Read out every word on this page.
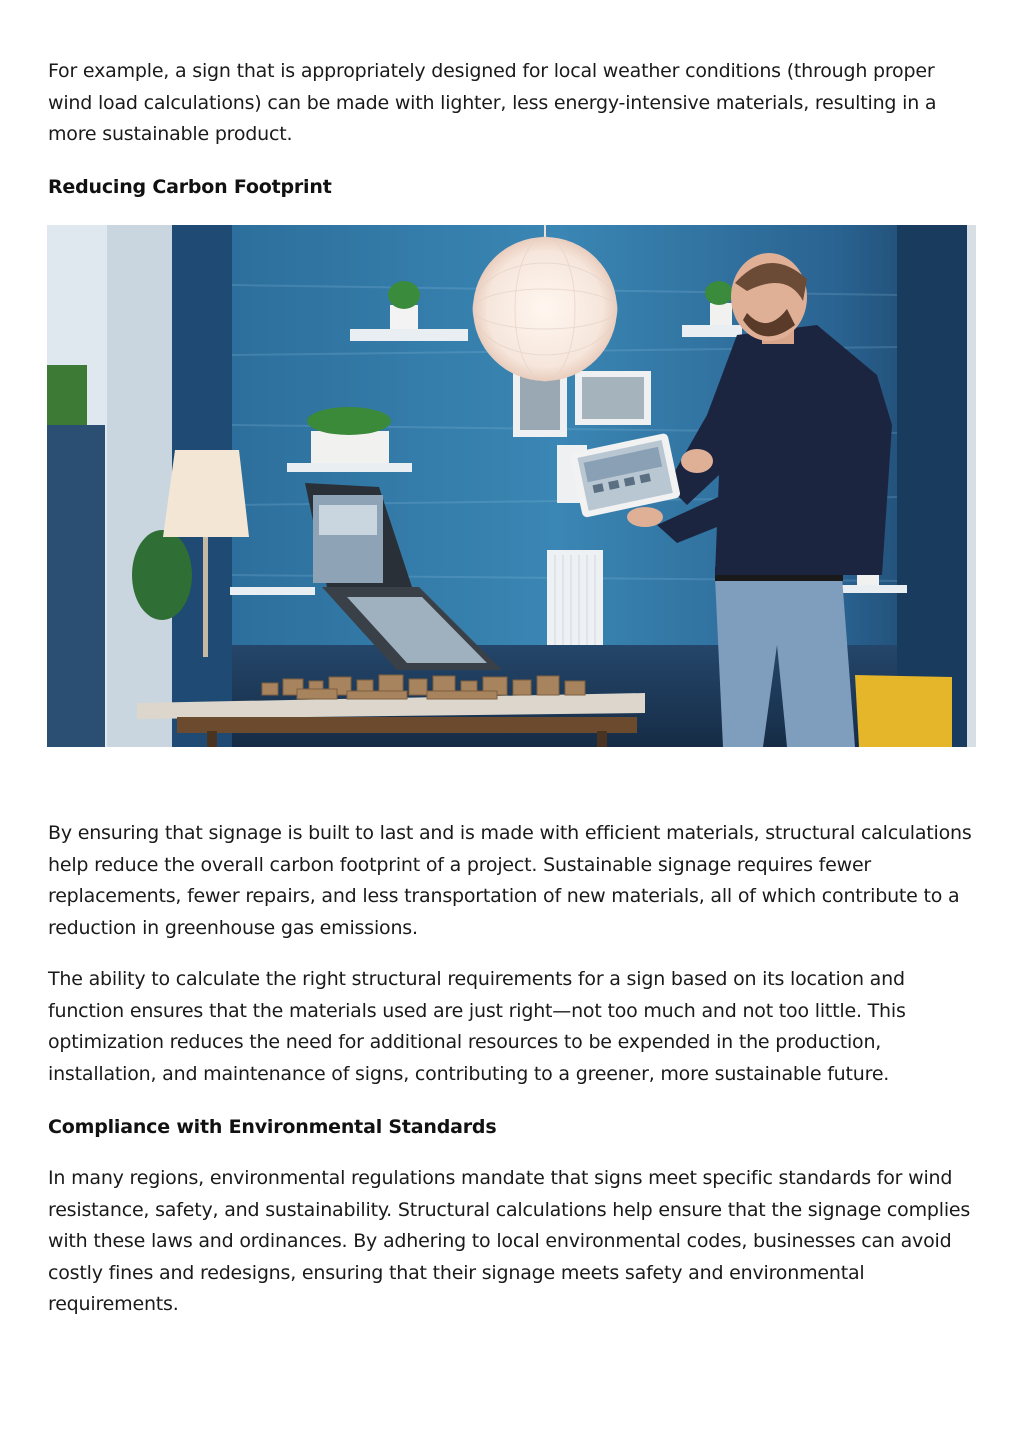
For example, a sign that is appropriately designed for local weather conditions (through proper wind load calculations) can be made with lighter, less energy-intensive materials, resulting in a more sustainable product.

Reducing Carbon Footprint

By ensuring that signage is built to last and is made with efficient materials, structural calculations help reduce the overall carbon footprint of a project. Sustainable signage requires fewer replacements, fewer repairs, and less transportation of new materials, all of which contribute to a reduction in greenhouse gas emissions.

The ability to calculate the right structural requirements for a sign based on its location and function ensures that the materials used are just right—not too much and not too little. This optimization reduces the need for additional resources to be expended in the production, installation, and maintenance of signs, contributing to a greener, more sustainable future.

Compliance with Environmental Standards

In many regions, environmental regulations mandate that signs meet specific standards for wind resistance, safety, and sustainability. Structural calculations help ensure that the signage complies with these laws and ordinances. By adhering to local environmental codes, businesses can avoid costly fines and redesigns, ensuring that their signage meets safety and environmental requirements.
